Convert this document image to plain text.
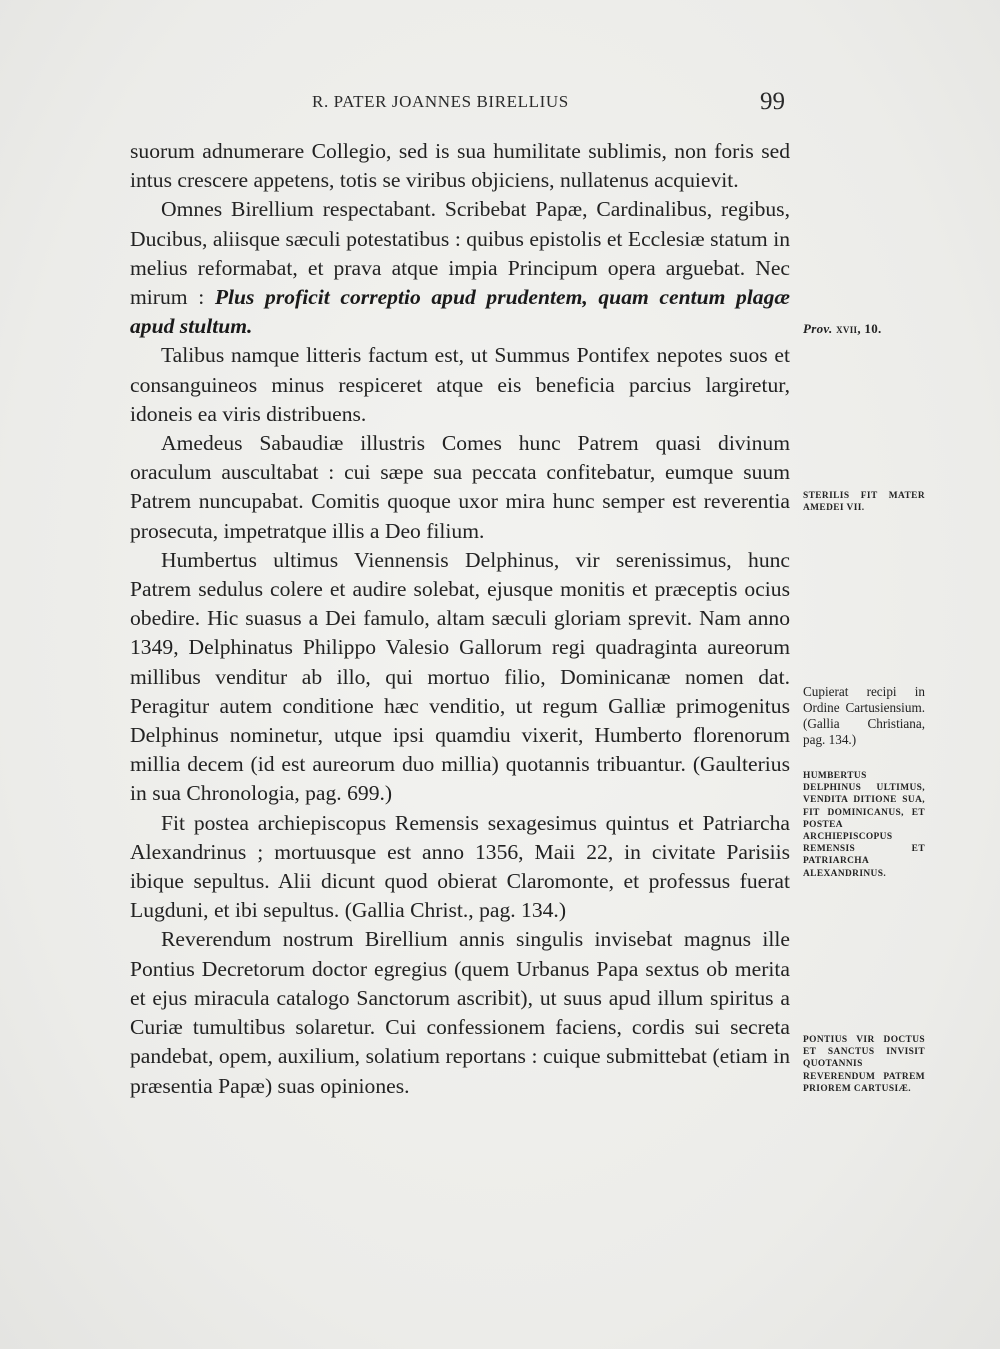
R. PATER JOANNES BIRELLIUS	99

suorum adnumerare Collegio, sed is sua humilitate sublimis, non foris sed intus crescere appetens, totis se viribus objiciens, nullatenus acquievit.

Omnes Birellium respectabant. Scribebat Papæ, Cardinalibus, regibus, Ducibus, aliisque sæculi potestatibus : quibus epistolis et Ecclesiæ statum in melius reformabat, et prava atque impia Principum opera arguebat. Nec mirum : Plus proficit correptio apud prudentem, quam centum plagæ apud stultum.

Talibus namque litteris factum est, ut Summus Pontifex nepotes suos et consanguineos minus respiceret atque eis beneficia parcius largiretur, idoneis ea viris distribuens.

Amedeus Sabaudiæ illustris Comes hunc Patrem quasi divinum oraculum auscultabat : cui sæpe sua peccata confitebatur, eumque suum Patrem nuncupabat. Comitis quoque uxor mira hunc semper est reverentia prosecuta, impetratque illis a Deo filium.

Humbertus ultimus Viennensis Delphinus, vir serenissimus, hunc Patrem sedulus colere et audire solebat, ejusque monitis et præceptis ocius obedire. Hic suasus a Dei famulo, altam sæculi gloriam sprevit. Nam anno 1349, Delphinatus Philippo Valesio Gallorum regi quadraginta aureorum millibus venditur ab illo, qui mortuo filio, Dominicanæ nomen dat. Peragitur autem conditione hæc venditio, ut regum Galliæ primogenitus Delphinus nominetur, utque ipsi quamdiu vixerit, Humberto florenorum millia decem (id est aureorum duo millia) quotannis tribuantur. (Gaulterius in sua Chronologia, pag. 699.)

Fit postea archiepiscopus Remensis sexagesimus quintus et Patriarcha Alexandrinus ; mortuusque est anno 1356, Maii 22, in civitate Parisiis ibique sepultus. Alii dicunt quod obierat Claromonte, et professus fuerat Lugduni, et ibi sepultus. (Gallia Christ., pag. 134.)

Reverendum nostrum Birellium annis singulis invisebat magnus ille Pontius Decretorum doctor egregius (quem Urbanus Papa sextus ob merita et ejus miracula catalogo Sanctorum ascribit), ut suus apud illum spiritus a Curiæ tumultibus solaretur. Cui confessionem faciens, cordis sui secreta pandebat, opem, auxilium, solatium reportans : cuique submittebat (etiam in præsentia Papæ) suas opiniones.

Prov. xvii, 10.
STERILIS FIT MATER AMEDEI VII.
Cupierat recipi in Ordine Cartusiensium. (Gallia Christiana, pag. 134.)
HUMBERTUS DELPHINUS ULTIMUS, VENDITA DITIONE SUA, FIT DOMINICANUS, ET POSTEA ARCHIEPISCOPUS REMENSIS ET PATRIARCHA ALEXANDRINUS.
PONTIUS VIR DOCTUS ET SANCTUS INVISIT QUOTANNIS REVERENDUM PATREM PRIOREM CARTUSIÆ.
